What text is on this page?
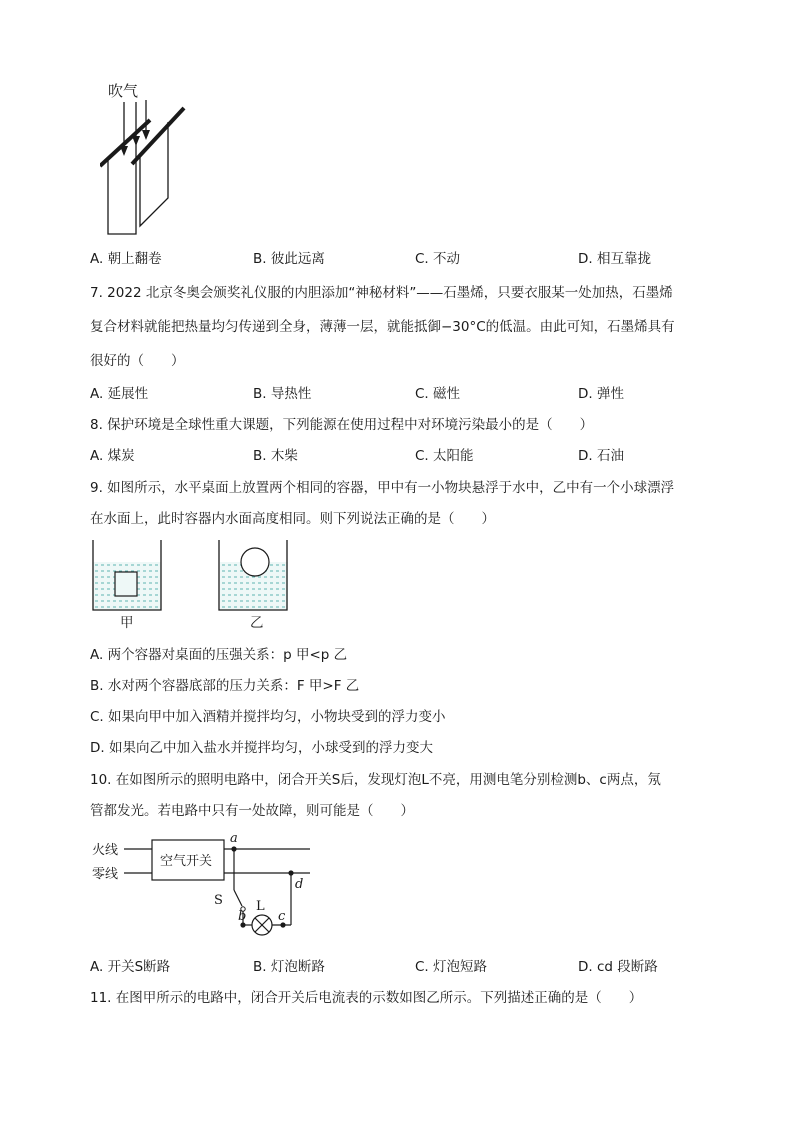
吹气
A. 朝上翻卷	B. 彼此远离	C. 不动	D. 相互靠拢
7. 2022 北京冬奥会颁奖礼仪服的内胆添加“神秘材料”——石墨烯，只要衣服某一处加热，石墨烯
复合材料就能把热量均匀传递到全身，薄薄一层，就能抵御−30°C的低温。由此可知，石墨烯具有
很好的（　　）
A. 延展性	B. 导热性	C. 磁性	D. 弹性
8. 保护环境是全球性重大课题，下列能源在使用过程中对环境污染最小的是（　　）
A. 煤炭	B. 木柴	C. 太阳能	D. 石油
9. 如图所示，水平桌面上放置两个相同的容器，甲中有一小物块悬浮于水中，乙中有一个小球漂浮
在水面上，此时容器内水面高度相同。则下列说法正确的是（　　）
甲	乙
A. 两个容器对桌面的压强关系：p 甲<p 乙
B. 水对两个容器底部的压力关系：F 甲>F 乙
C. 如果向甲中加入酒精并搅拌均匀，小物块受到的浮力变小
D. 如果向乙中加入盐水并搅拌均匀，小球受到的浮力变大
10. 在如图所示的照明电路中，闭合开关S后，发现灯泡L不亮，用测电笔分别检测b、c两点，氖
管都发光。若电路中只有一处故障，则可能是（　　）
火线
零线
空气开关
a
S
b
L
c
d
A. 开关S断路	B. 灯泡断路	C. 灯泡短路	D. cd 段断路
11. 在图甲所示的电路中，闭合开关后电流表的示数如图乙所示。下列描述正确的是（　　）
